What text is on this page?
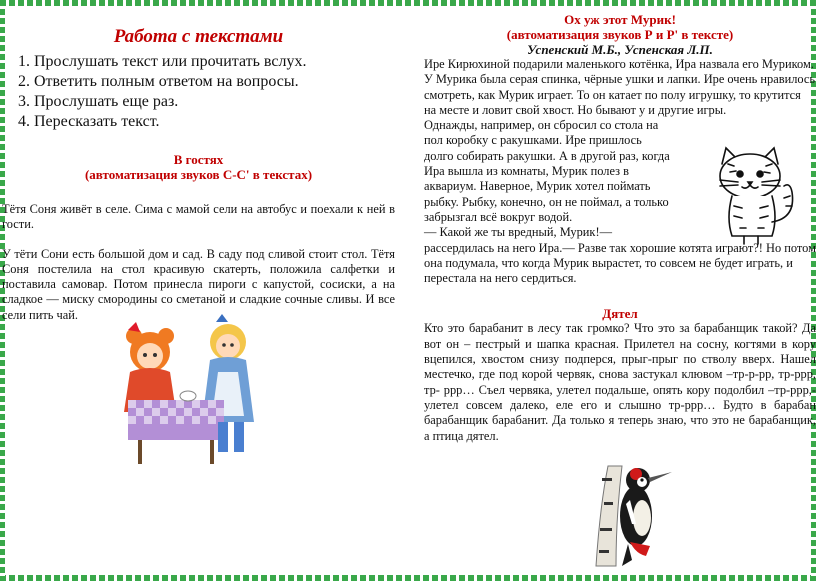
Работа с текстами
1. Прослушать текст или прочитать вслух.
2. Ответить полным ответом на вопросы.
3. Прослушать еще раз.
4. Пересказать текст.
В гостях
(автоматизация звуков С-С' в текстах)

Тётя Соня живёт в селе. Сима с мамой сели на автобус и поехали к ней в гости.

У тёти Сони есть большой дом и сад. В саду под сливой стоит стол. Тётя Соня постелила на стол красивую скатерть, положила салфетки и поставила самовар. Потом принесла пироги с капустой, сосиски, а на сладкое — миску смородины со сметаной и сладкие сочные сливы. И все сели пить чай.

Ох уж этот Мурик!
(автоматизация звуков Р и Р' в тексте)
Успенский М.Б., Успенская Л.П.

Ире Кирюхиной подарили маленького котёнка, Ира назвала его Муриком. У Мурика была серая спинка, чёрные ушки и лапки. Ире очень нравилось смотреть, как Мурик играет. То он катает по полу игрушку, то крутится на месте и ловит свой хвост. Но бывают у и другие игры.

Однажды, например, он сбросил со стола на
пол коробку с ракушками. Ире пришлось
долго собирать ракушки. А в другой раз, когда
Ира вышла из комнаты, Мурик полез в
аквариум. Наверное, Мурик хотел поймать
рыбку. Рыбку, конечно, он не поймал, а только
забрызгал всё вокруг водой.
— Какой же ты вредный, Мурик!—

рассердилась на него Ира.— Разве так хорошие котята играют?! Но потом она подумала, что когда Мурик вырастет, то совсем не будет играть, и перестала на него сердиться.

Дятел

Кто это барабанит в лесу так громко? Что это за барабанщик такой? Да вот он – пестрый и шапка красная. Прилетел на сосну, когтями в кору вцепился, хвостом снизу подперся, прыг-прыг по стволу вверх. Нашел местечко, где под корой червяк, снова застукал клювом –тр-р-рр, тр-ррр, тр- ррр… Съел червяка, улетел подальше, опять кору подолбил –тр-ррр,-улетел совсем далеко, еле его и слышно тр-ррр… Будто в барабан барабанщик барабанит. Да только я теперь знаю, что это не барабанщик, а птица дятел.
